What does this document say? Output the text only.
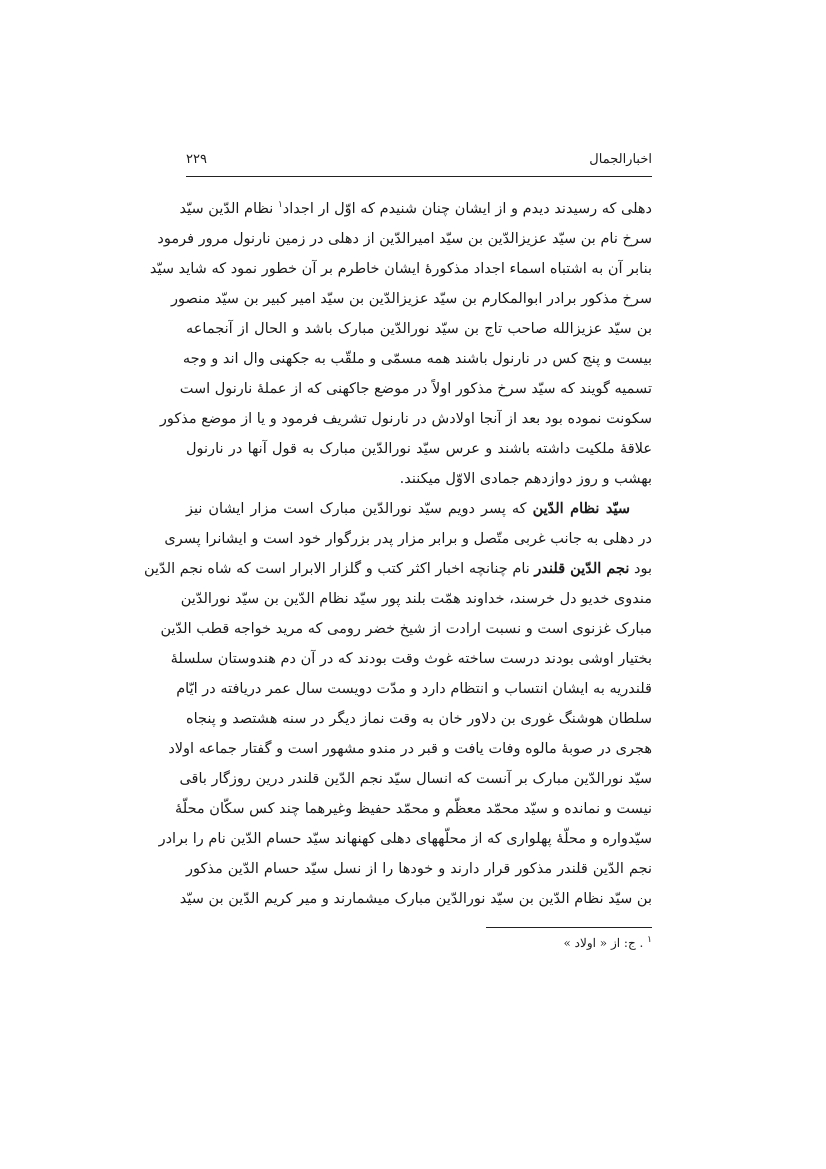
اخبارالجمال
۲۲۹
دهلی که رسیدند دیدم و از ایشان چنان شنیدم که اوّل ار اجداد$^١$ نظام الدّین سیّد
سرخ نام بن سیّد عزیزالدّین بن سیّد امیرالدّین از دهلی در زمین نارنول مرور فرمود
بنابر آن به اشتباه اسماء اجداد مذکورهٔ ایشان خاطرم بر آن خطور نمود که شاید سیّد
سرخ مذکور برادر ابوالمکارم بن سیّد عزیزالدّین بن سیّد امیر کبیر بن سیّد منصور
بن سیّد عزیزالله صاحب تاج بن سیّد نورالدّین مبارک باشد و الحال از آنجماعه
بیست و پنج کس در نارنول باشند همه مسمّی و ملقّب به جکهنی وال اند و وجه
تسمیه گویند که سیّد سرخ مذکور اولاً در موضع جاکهنی که از عملهٔ نارنول است
سکونت نموده بود بعد از آنجا اولادش در نارنول تشریف فرمود و یا از موضع مذکور
علاقهٔ ملکیت داشته باشند و عرس سیّد نورالدّین مبارک به قول آنها در نارنول
بهشب و روز دوازدهم جمادی الاوّل میکنند.
سیّد نظام الدّین که پسر دویم سیّد نورالدّین مبارک است مزار ایشان نیز
در دهلی به جانب غربی متّصل و برابر مزار پدر بزرگوار خود است و ایشانرا پسری
بود نجم الدّین قلندر نام چنانچه اخبار اکثر کتب و گلزار الابرار است که شاه نجم الدّین
مندوی خدیو دل خرسند، خداوند همّت بلند پور سیّد نظام الدّین بن سیّد نورالدّین
مبارک غزنوی است و نسبت ارادت از شیخ خضر رومی که مرید خواجه قطب الدّین
بختیار اوشی بودند درست ساخته غوث وقت بودند که در آن دم هندوستان سلسلهٔ
قلندریه به ایشان انتساب و انتظام دارد و مدّت دویست سال عمر دریافته در ایّام
سلطان هوشنگ غوری بن دلاور خان به وقت نماز دیگر در سنه هشتصد و پنجاه
هجری در صوبهٔ مالوه وفات یافت و قبر در مندو مشهور است و گفتار جماعه اولاد
سیّد نورالدّین مبارک بر آنست که انسال سیّد نجم الدّین قلندر درین روزگار باقی
نیست و نمانده و سیّد محمّد معظّم و محمّد حفیظ وغیرهما چند کس سکّان محلّهٔ
سیّدواره و محلّهٔ پهلواری که از محلّههای دهلی کهنهاند سیّد حسام الدّین نام را برادر
نجم الدّین قلندر مذکور قرار دارند و خودها را از نسل سیّد حسام الدّین مذکور
بن سیّد نظام الدّین بن سیّد نورالدّین مبارک میشمارند و میر کریم الدّین بن سیّد
$^١$ . ج: از « اولاد »
